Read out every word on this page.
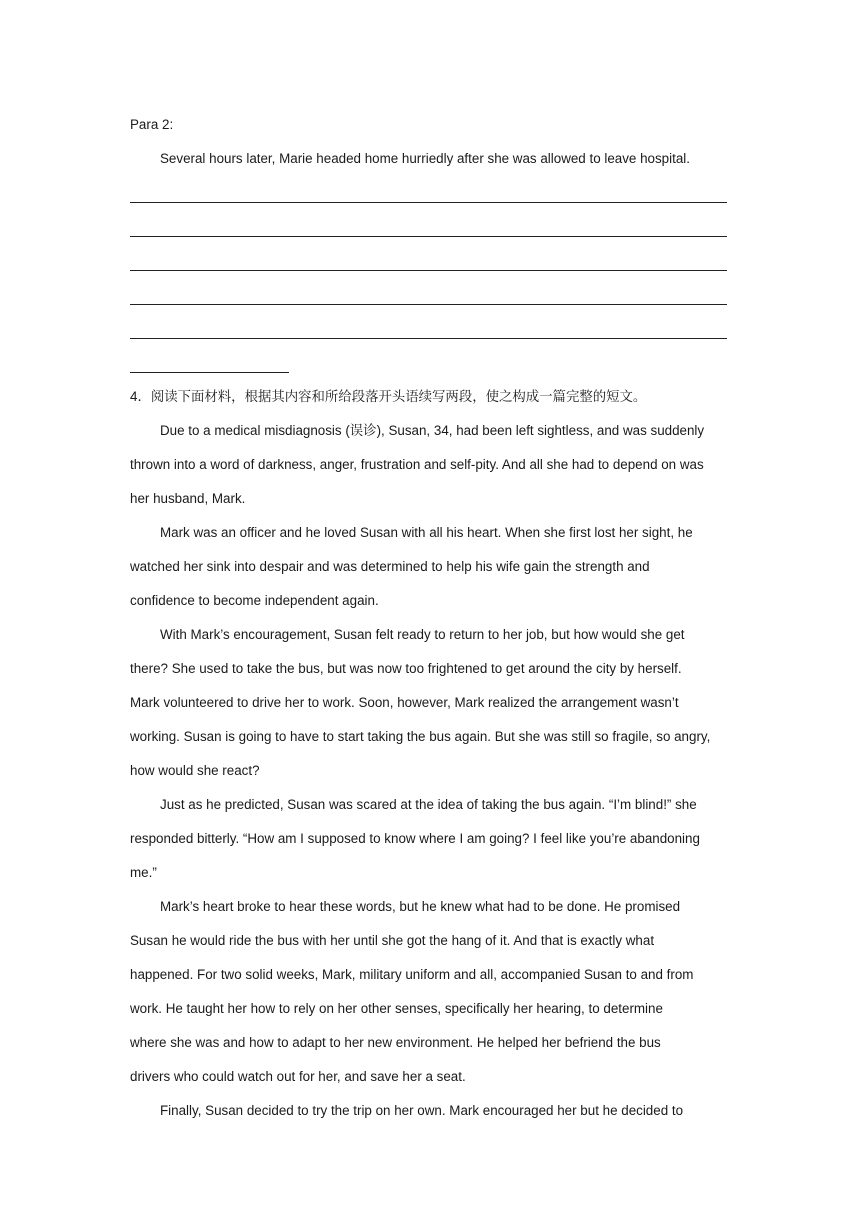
Para 2:
Several hours later, Marie headed home hurriedly after she was allowed to leave hospital.
4．阅读下面材料，根据其内容和所给段落开头语续写两段，使之构成一篇完整的短文。
Due to a medical misdiagnosis (误诊), Susan, 34, had been left sightless, and was suddenly
thrown into a word of darkness, anger, frustration and self-pity. And all she had to depend on was
her husband, Mark.
Mark was an officer and he loved Susan with all his heart. When she first lost her sight, he
watched her sink into despair and was determined to help his wife gain the strength and
confidence to become independent again.
With Mark’s encouragement, Susan felt ready to return to her job, but how would she get
there? She used to take the bus, but was now too frightened to get around the city by herself.
Mark volunteered to drive her to work. Soon, however, Mark realized the arrangement wasn’t
working. Susan is going to have to start taking the bus again. But she was still so fragile, so angry,
how would she react?
Just as he predicted, Susan was scared at the idea of taking the bus again. “I’m blind!” she
responded bitterly. “How am I supposed to know where I am going? I feel like you’re abandoning
me.”
Mark’s heart broke to hear these words, but he knew what had to be done. He promised
Susan he would ride the bus with her until she got the hang of it. And that is exactly what
happened. For two solid weeks, Mark, military uniform and all, accompanied Susan to and from
work. He taught her how to rely on her other senses, specifically her hearing, to determine
where she was and how to adapt to her new environment. He helped her befriend the bus
drivers who could watch out for her, and save her a seat.
Finally, Susan decided to try the trip on her own. Mark encouraged her but he decided to
